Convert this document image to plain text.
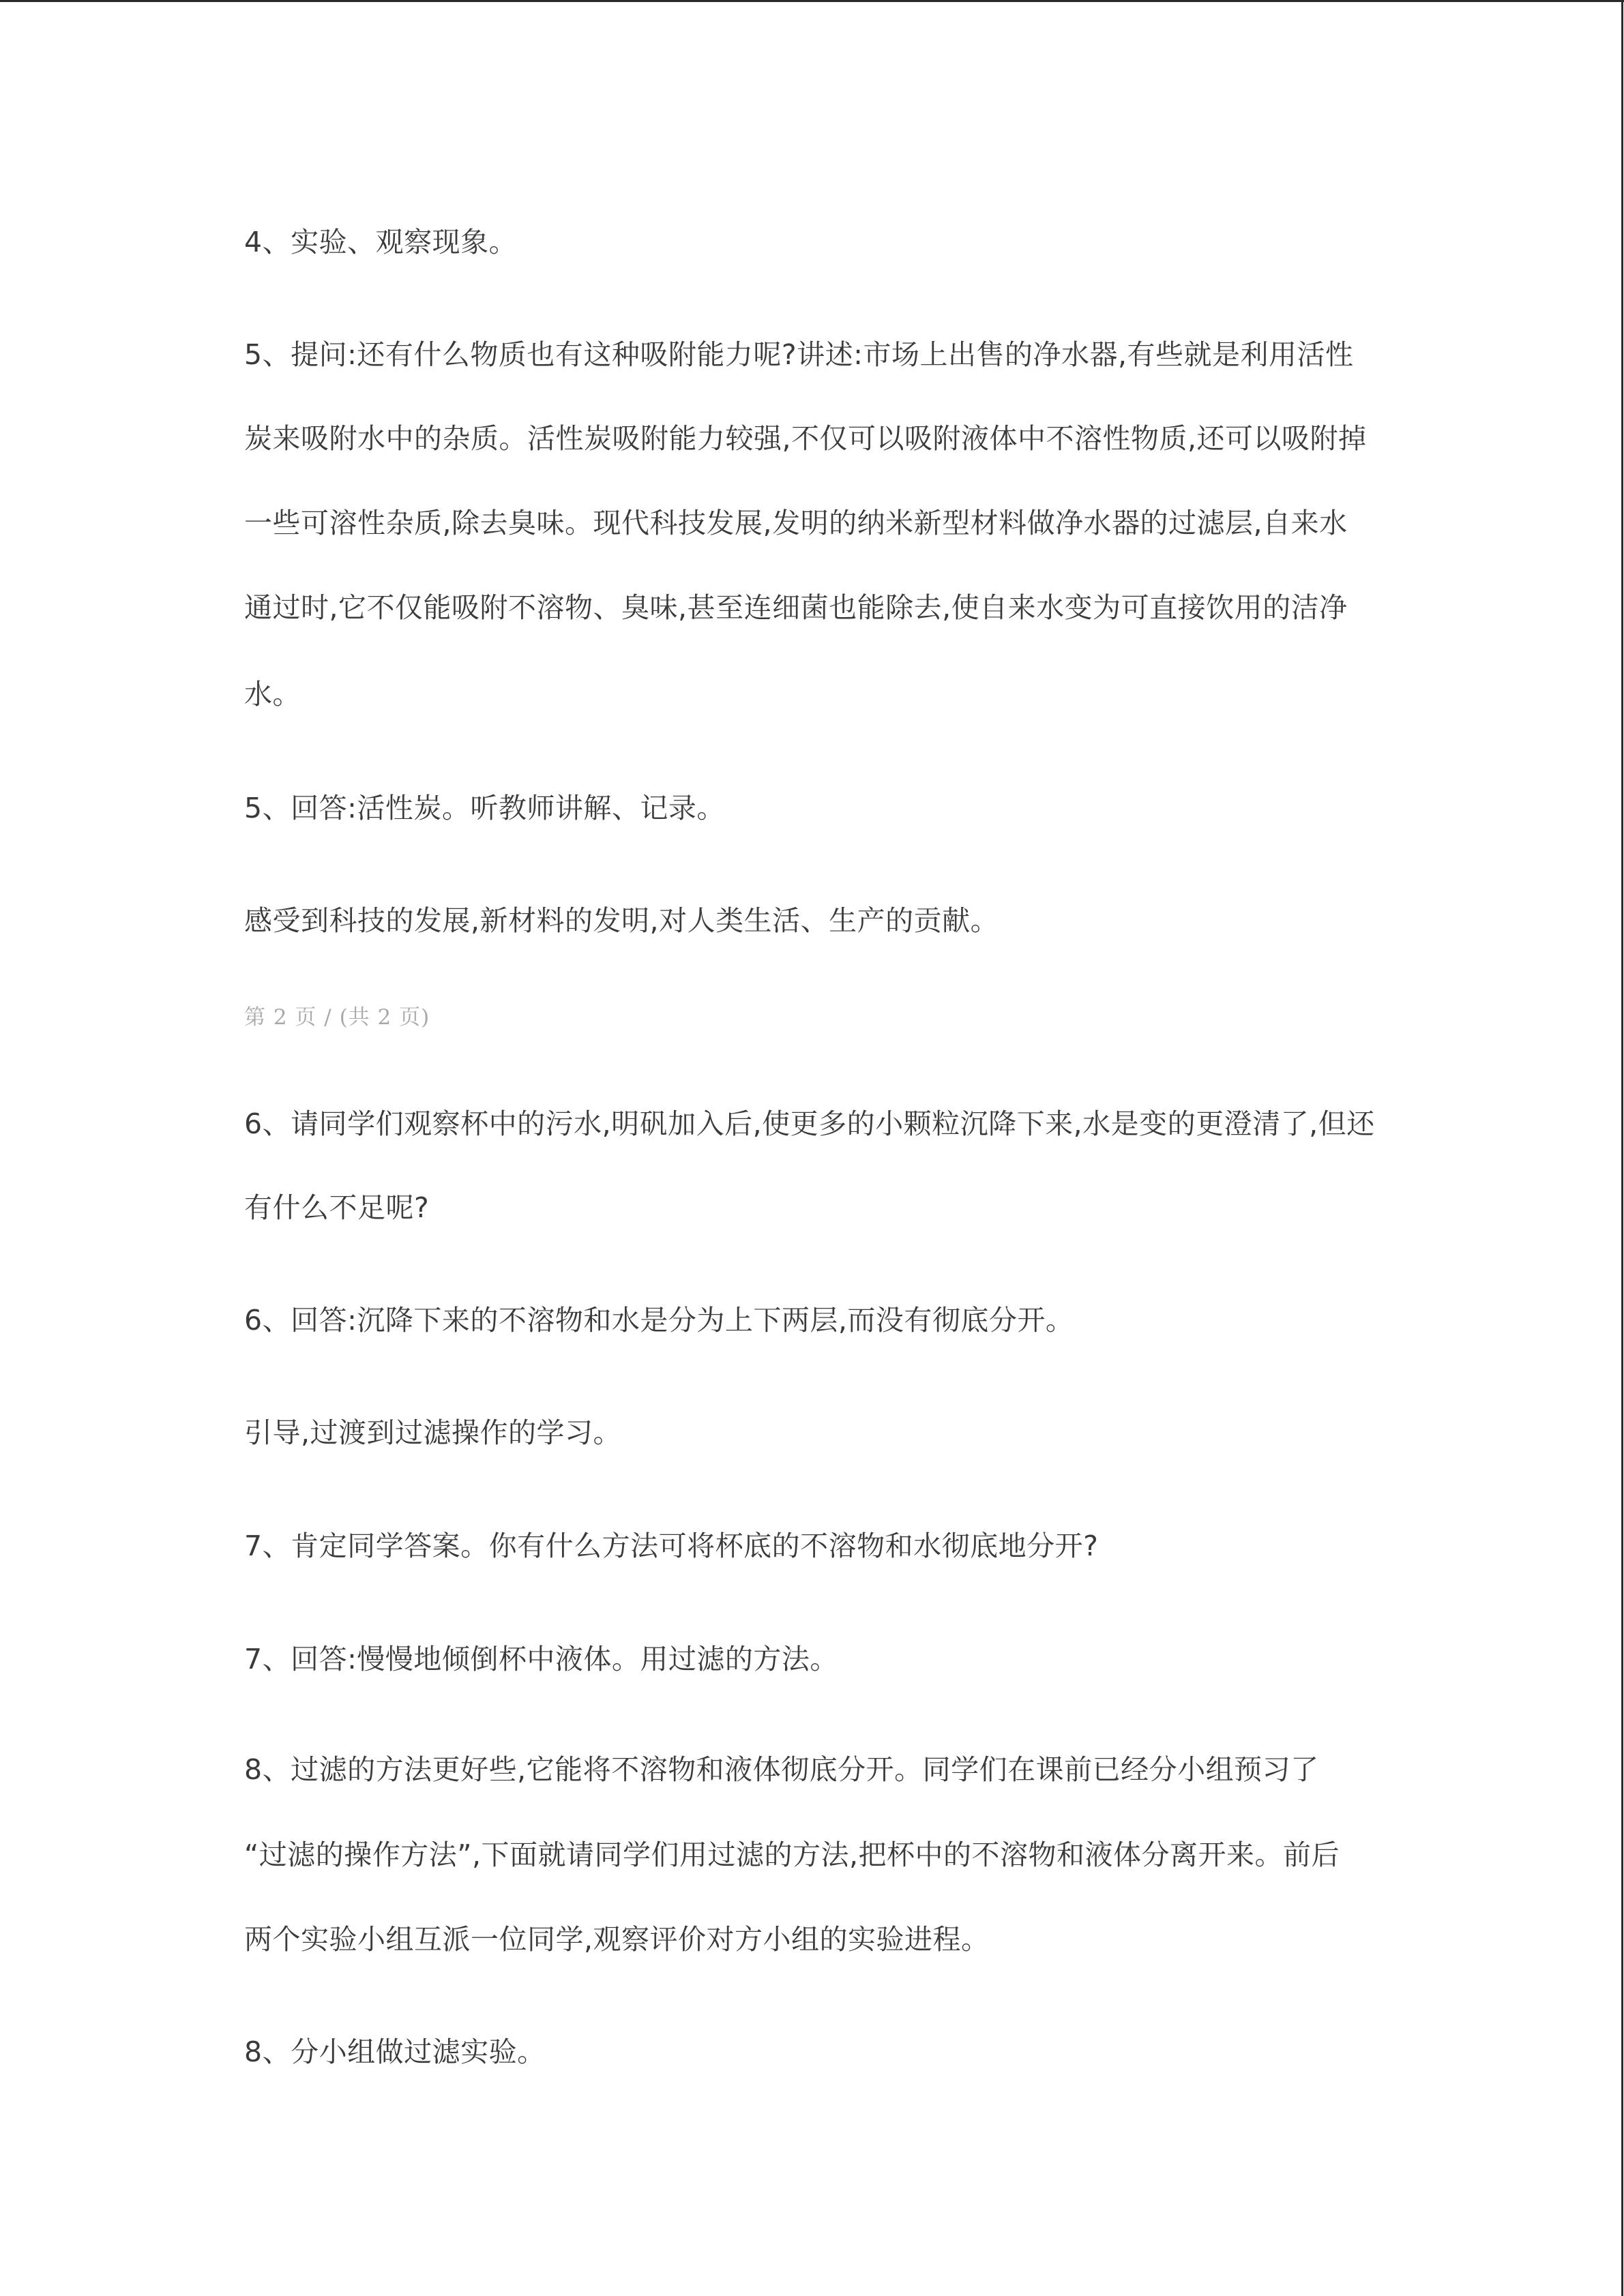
4、实验、观察现象。
5、提问:还有什么物质也有这种吸附能力呢?讲述:市场上出售的净水器,有些就是利用活性
炭来吸附水中的杂质。活性炭吸附能力较强,不仅可以吸附液体中不溶性物质,还可以吸附掉
一些可溶性杂质,除去臭味。现代科技发展,发明的纳米新型材料做净水器的过滤层,自来水
通过时,它不仅能吸附不溶物、臭味,甚至连细菌也能除去,使自来水变为可直接饮用的洁净
水。
5、回答:活性炭。听教师讲解、记录。
感受到科技的发展,新材料的发明,对人类生活、生产的贡献。
第 2 页 / (共 2 页)
6、请同学们观察杯中的污水,明矾加入后,使更多的小颗粒沉降下来,水是变的更澄清了,但还
有什么不足呢?
6、回答:沉降下来的不溶物和水是分为上下两层,而没有彻底分开。
引导,过渡到过滤操作的学习。
7、肯定同学答案。你有什么方法可将杯底的不溶物和水彻底地分开?
7、回答:慢慢地倾倒杯中液体。用过滤的方法。
8、过滤的方法更好些,它能将不溶物和液体彻底分开。同学们在课前已经分小组预习了
“过滤的操作方法”,下面就请同学们用过滤的方法,把杯中的不溶物和液体分离开来。前后
两个实验小组互派一位同学,观察评价对方小组的实验进程。
8、分小组做过滤实验。
